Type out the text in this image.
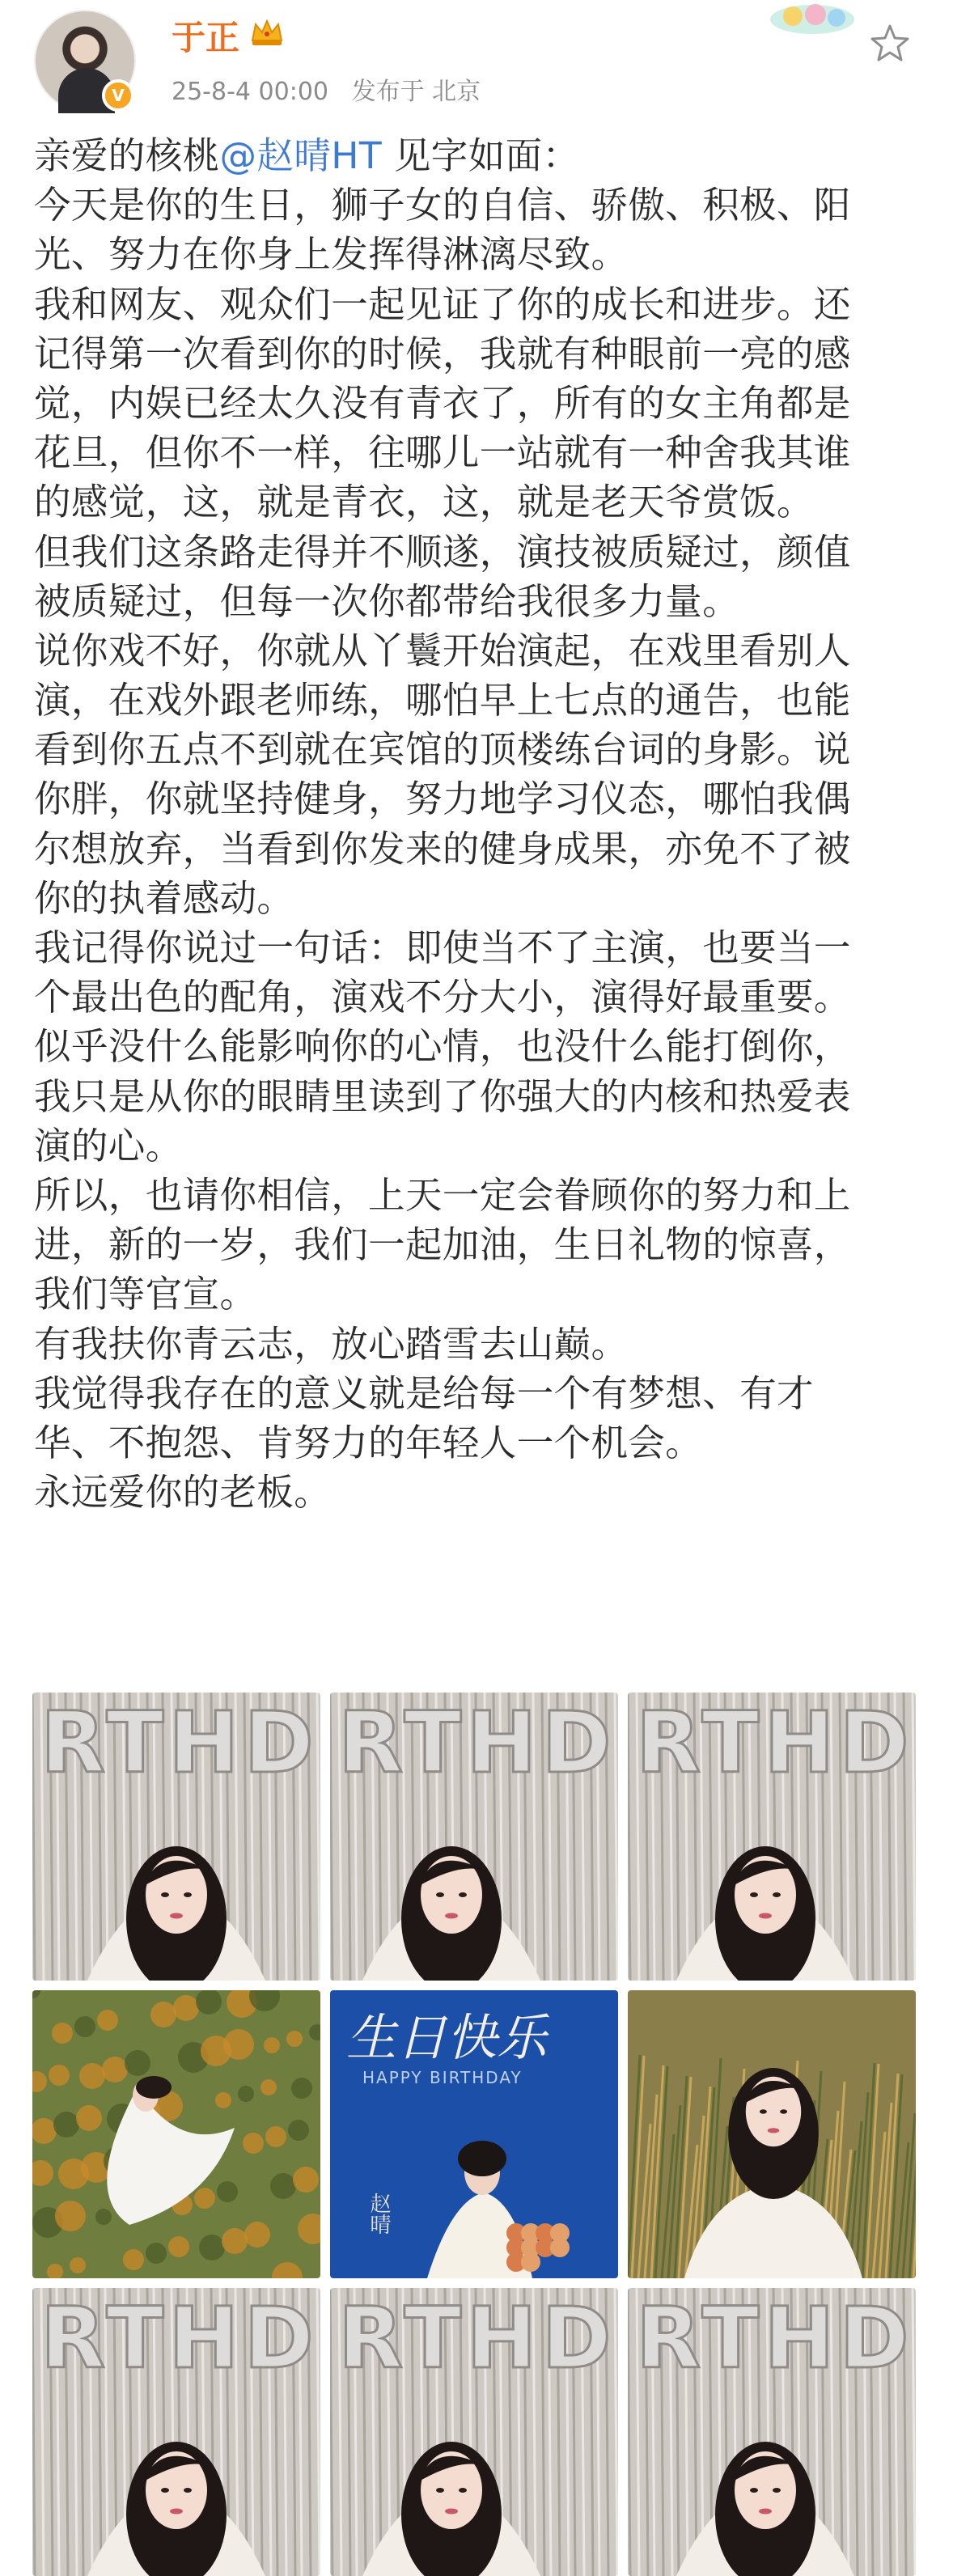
V
于正
25-8-4 00:00 发布于 北京
亲爱的核桃@赵晴HT 见字如面：
今天是你的生日，狮子女的自信、骄傲、积极、阳
光、努力在你身上发挥得淋漓尽致。
我和网友、观众们一起见证了你的成长和进步。还
记得第一次看到你的时候，我就有种眼前一亮的感
觉，内娱已经太久没有青衣了，所有的女主角都是
花旦，但你不一样，往哪儿一站就有一种舍我其谁
的感觉，这，就是青衣，这，就是老天爷赏饭。
但我们这条路走得并不顺遂，演技被质疑过，颜值
被质疑过，但每一次你都带给我很多力量。
说你戏不好，你就从丫鬟开始演起，在戏里看别人
演，在戏外跟老师练，哪怕早上七点的通告，也能
看到你五点不到就在宾馆的顶楼练台词的身影。说
你胖，你就坚持健身，努力地学习仪态，哪怕我偶
尔想放弃，当看到你发来的健身成果，亦免不了被
你的执着感动。
我记得你说过一句话：即使当不了主演，也要当一
个最出色的配角，演戏不分大小，演得好最重要。
似乎没什么能影响你的心情，也没什么能打倒你，
我只是从你的眼睛里读到了你强大的内核和热爱表
演的心。
所以，也请你相信，上天一定会眷顾你的努力和上
进，新的一岁，我们一起加油，生日礼物的惊喜，
我们等官宣。
有我扶你青云志，放心踏雪去山巅。
我觉得我存在的意义就是给每一个有梦想、有才
华、不抱怨、肯努力的年轻人一个机会。
永远爱你的老板。
RTHD RTHD RTHD
生日快乐
HAPPY BIRTHDAY
赵晴
RTHD RTHD RTHD
